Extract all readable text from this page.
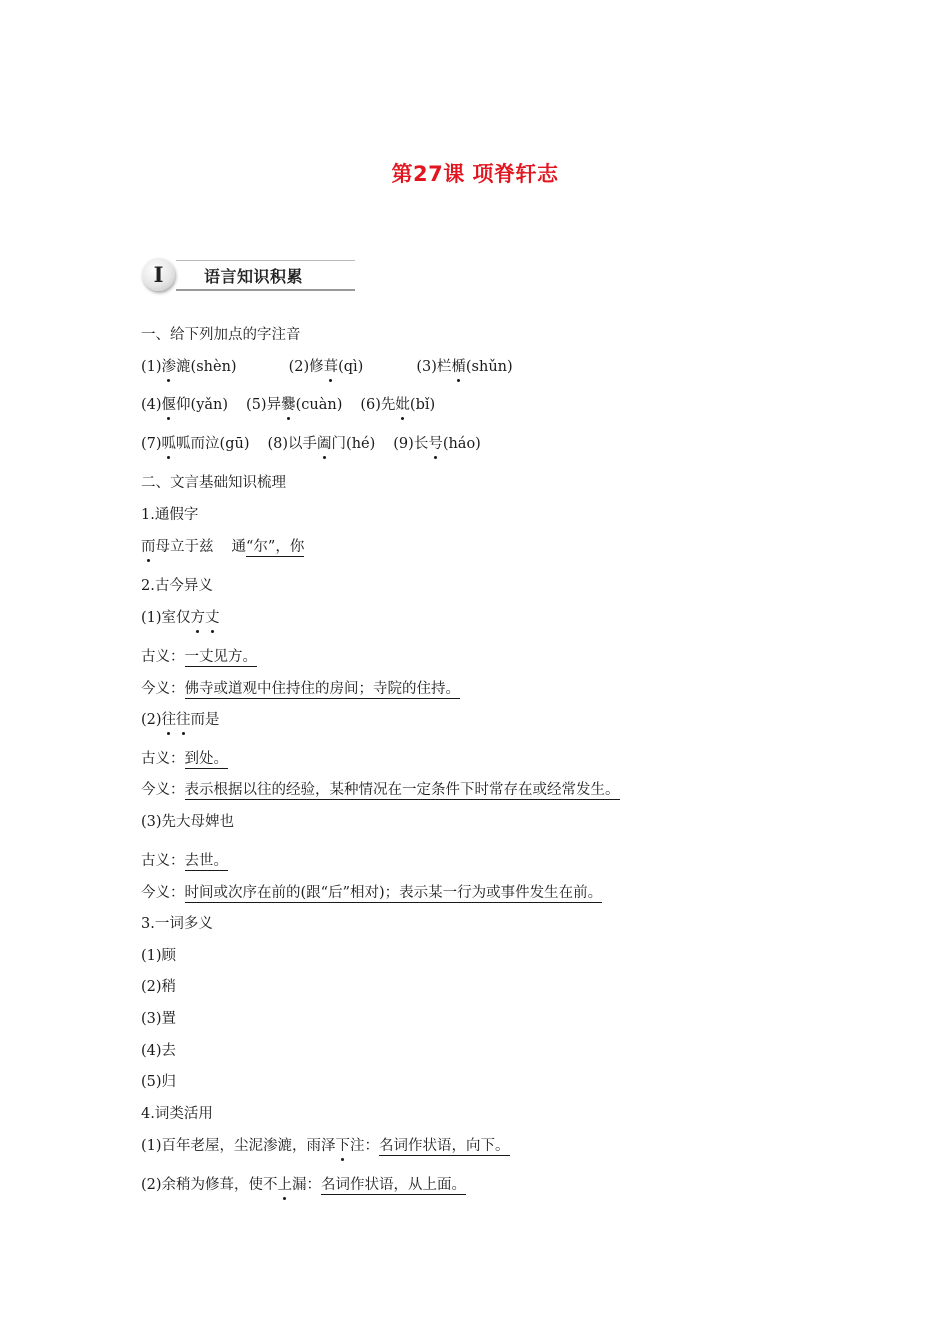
第27课 项脊轩志
I	语言知识积累
一、给下列加点的字注音
(1)渗漉(shèn)	(2)修葺(qì)	(3)栏楯(shǔn)
(4)偃仰(yǎn) (5)异爨(cuàn) (6)先妣(bǐ)
(7)呱呱而泣(gū) (8)以手阖门(hé) (9)长号(háo)
二、文言基础知识梳理
1.通假字
而母立于兹 通“尔”，你
2.古今异义
(1)室仅方丈
古义：一丈见方。
今义：佛寺或道观中住持住的房间；寺院的住持。
(2)往往而是
古义：到处。
今义：表示根据以往的经验，某种情况在一定条件下时常存在或经常发生。
(3)先大母婢也
古义：去世。
今义：时间或次序在前的(跟“后”相对)；表示某一行为或事件发生在前。
3.一词多义
(1)顾
(2)稍
(3)置
(4)去
(5)归
4.词类活用
(1)百年老屋，尘泥渗漉，雨泽下注：名词作状语，向下。
(2)余稍为修葺，使不上漏：名词作状语，从上面。
